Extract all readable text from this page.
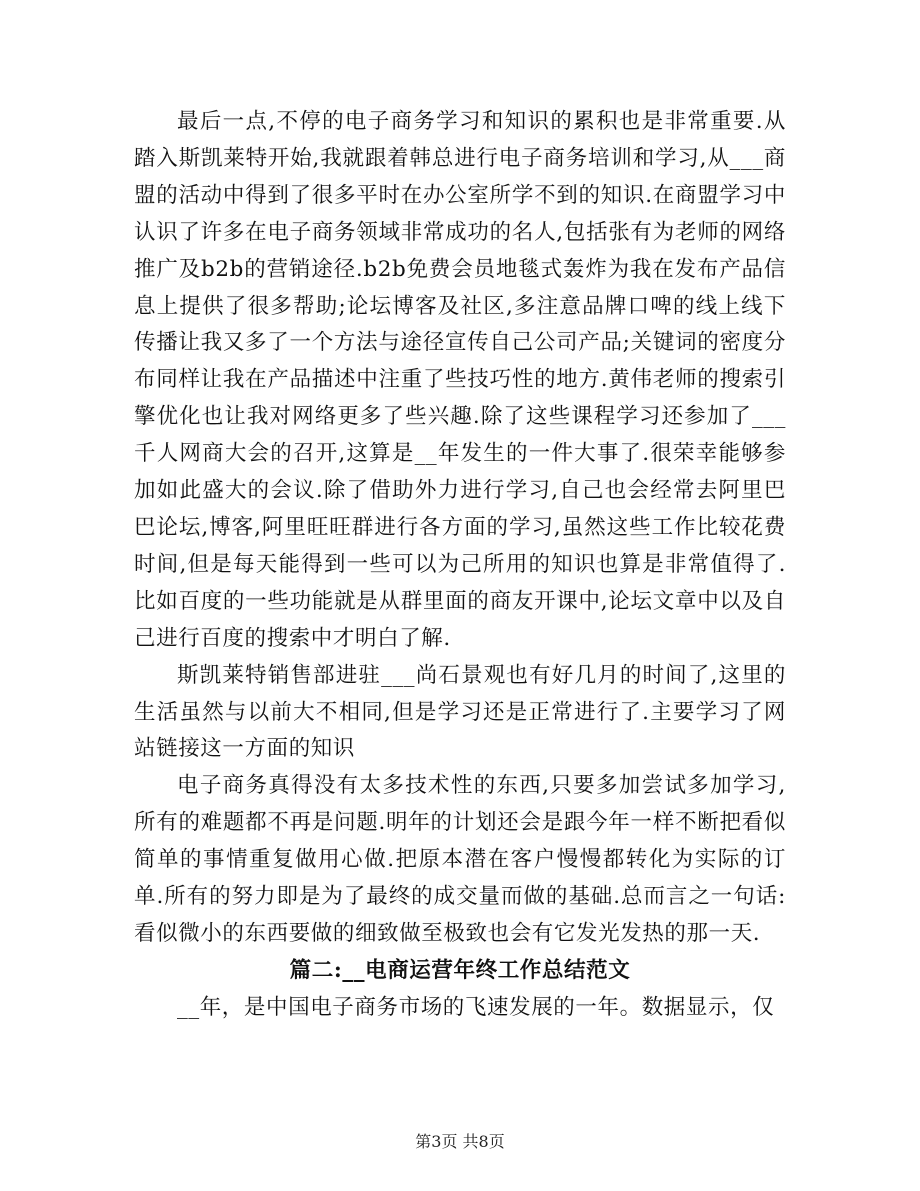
最后一点,不停的电子商务学习和知识的累积也是非常重要.从踏入斯凯莱特开始,我就跟着韩总进行电子商务培训和学习,从___商盟的活动中得到了很多平时在办公室所学不到的知识.在商盟学习中认识了许多在电子商务领域非常成功的名人,包括张有为老师的网络推广及b2b的营销途径.b2b免费会员地毯式轰炸为我在发布产品信息上提供了很多帮助;论坛博客及社区,多注意品牌口啤的线上线下传播让我又多了一个方法与途径宣传自己公司产品;关键词的密度分布同样让我在产品描述中注重了些技巧性的地方.黄伟老师的搜索引擎优化也让我对网络更多了些兴趣.除了这些课程学习还参加了___千人网商大会的召开,这算是__年发生的一件大事了.很荣幸能够参加如此盛大的会议.除了借助外力进行学习,自己也会经常去阿里巴巴论坛,博客,阿里旺旺群进行各方面的学习,虽然这些工作比较花费时间,但是每天能得到一些可以为己所用的知识也算是非常值得了.比如百度的一些功能就是从群里面的商友开课中,论坛文章中以及自己进行百度的搜索中才明白了解.

斯凯莱特销售部进驻___尚石景观也有好几月的时间了,这里的生活虽然与以前大不相同,但是学习还是正常进行了.主要学习了网站链接这一方面的知识

电子商务真得没有太多技术性的东西,只要多加尝试多加学习,所有的难题都不再是问题.明年的计划还会是跟今年一样不断把看似简单的事情重复做用心做.把原本潜在客户慢慢都转化为实际的订单.所有的努力即是为了最终的成交量而做的基础.总而言之一句话:看似微小的东西要做的细致做至极致也会有它发光发热的那一天.

篇二:__电商运营年终工作总结范文

__年，是中国电子商务市场的飞速发展的一年。数据显示，仅

第3页 共8页
